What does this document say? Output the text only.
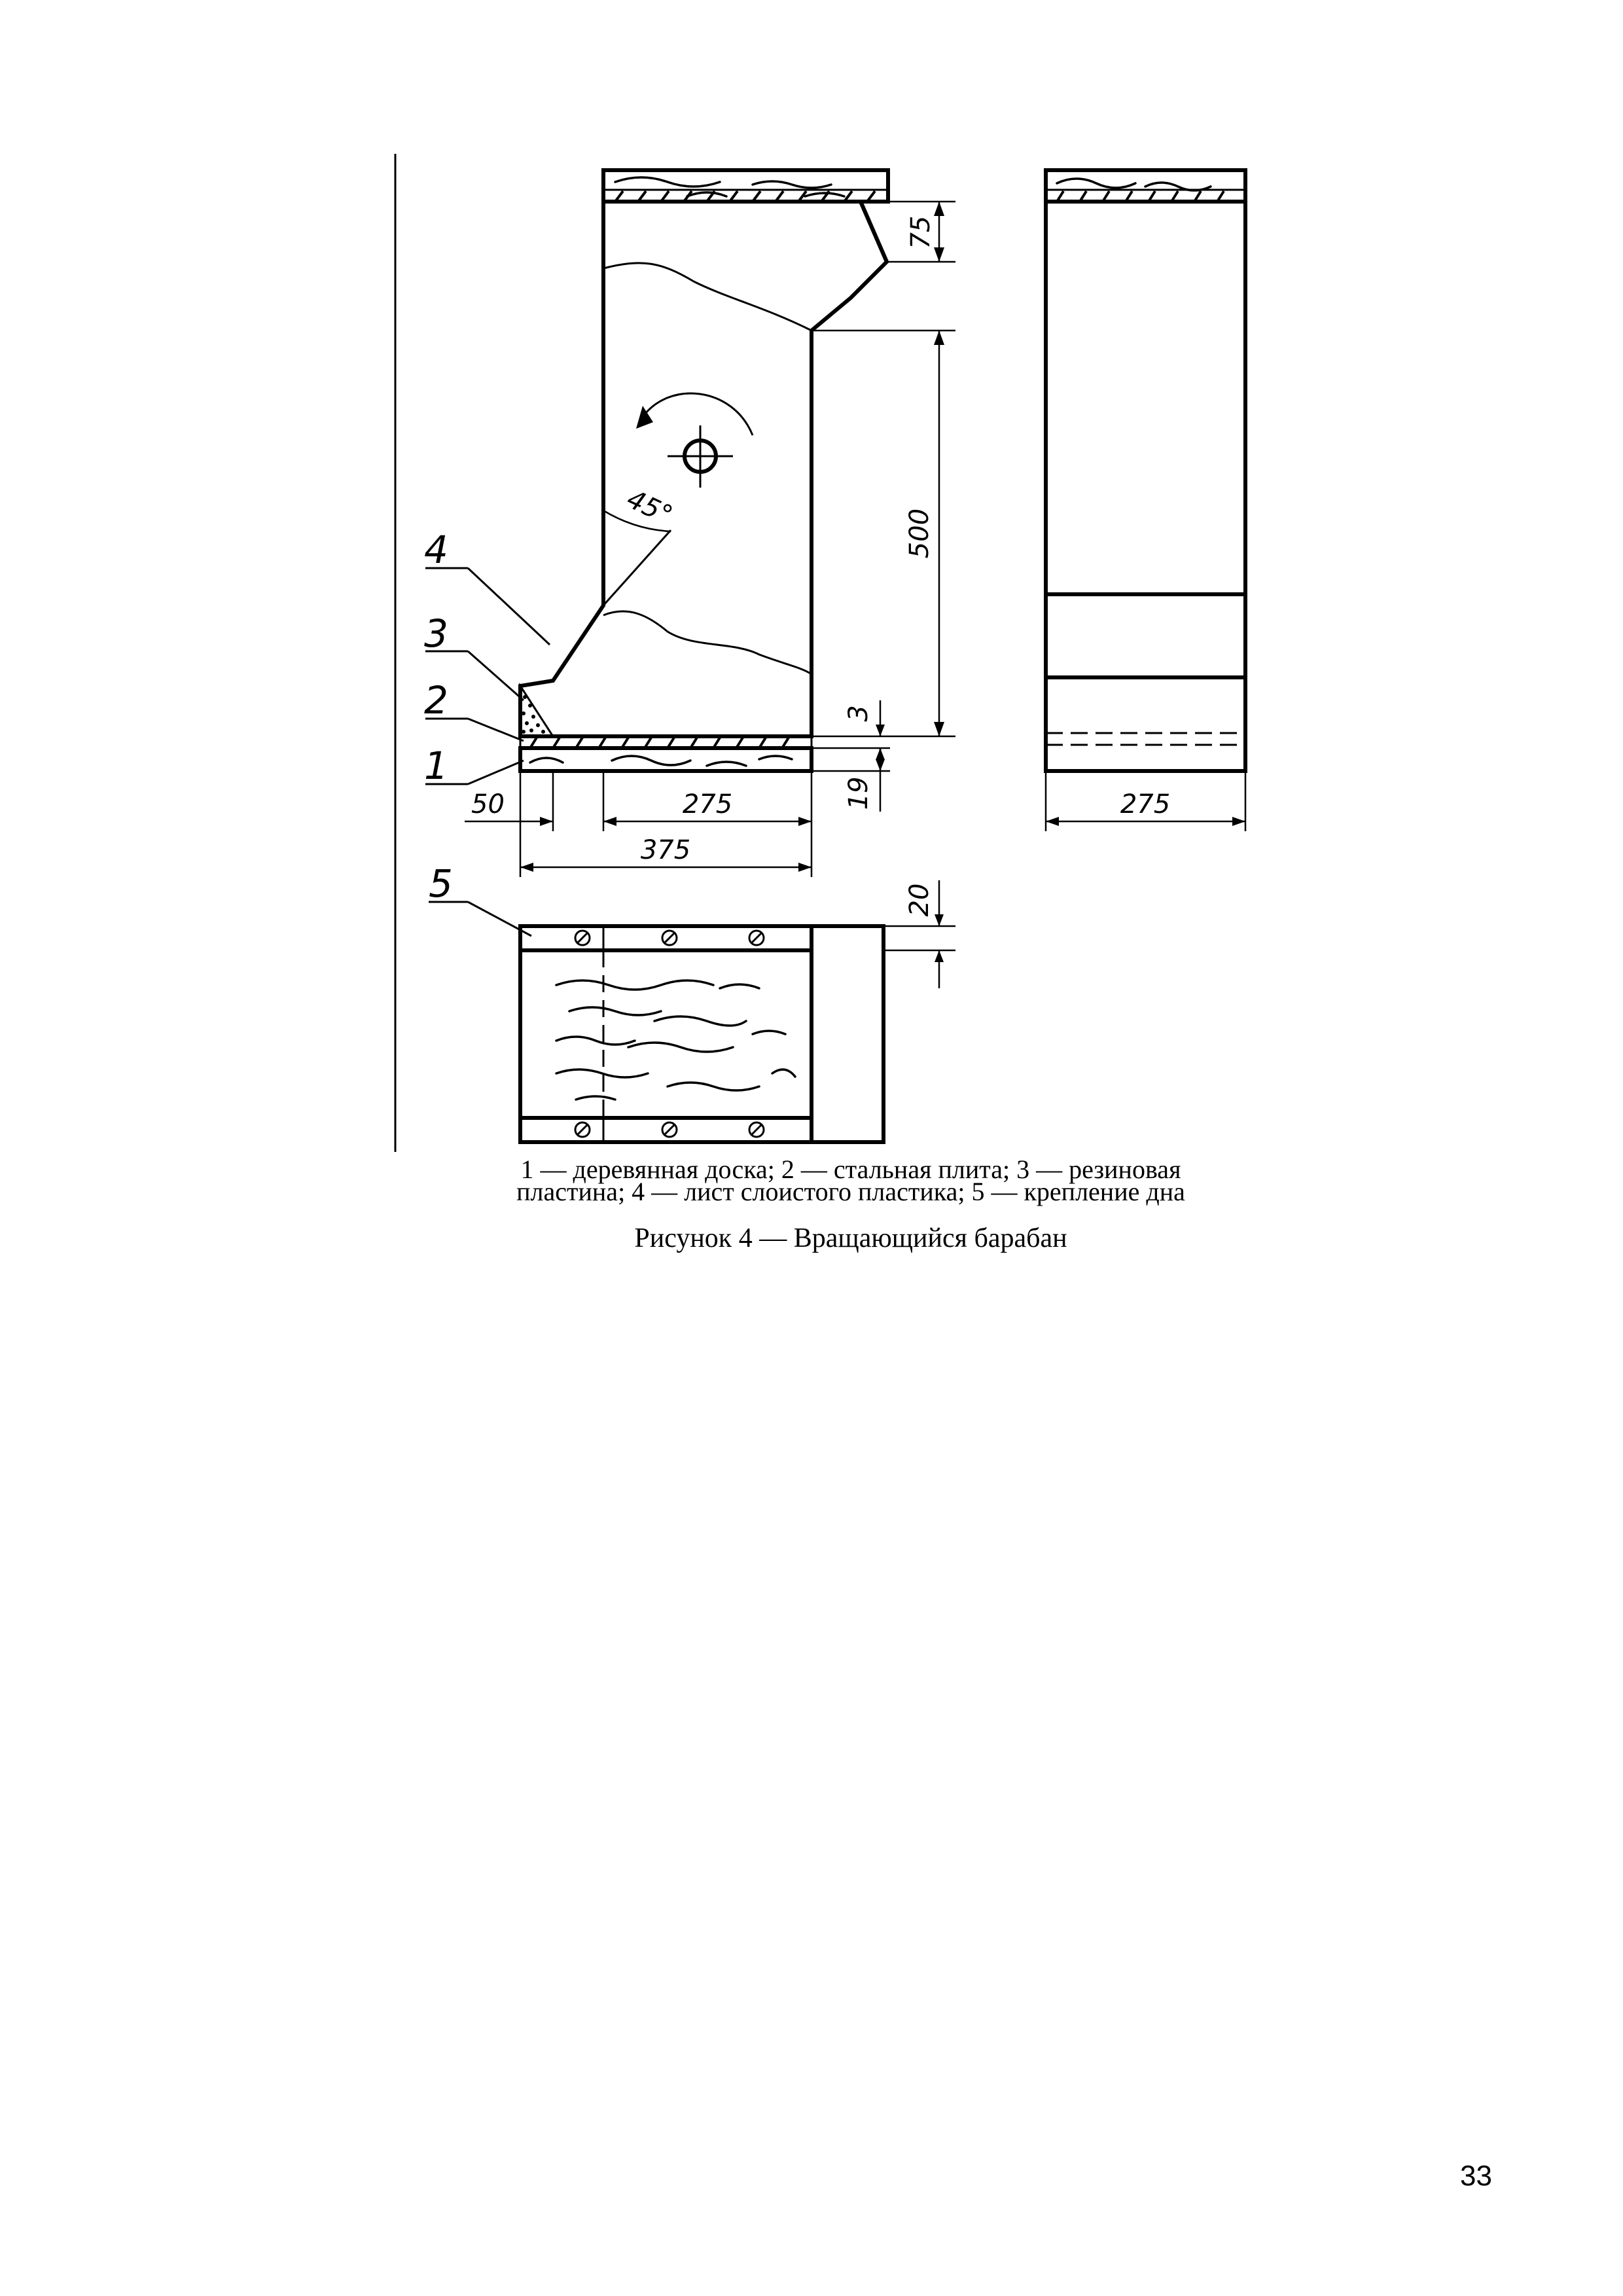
45°
75
500
3
19
50	275
375
4
3
2
1
275
20
5

1 — деревянная доска; 2 — стальная плита; 3 — резиновая
пластина; 4 — лист слоистого пластика; 5 — крепление дна

Рисунок 4 — Вращающийся барабан

33
